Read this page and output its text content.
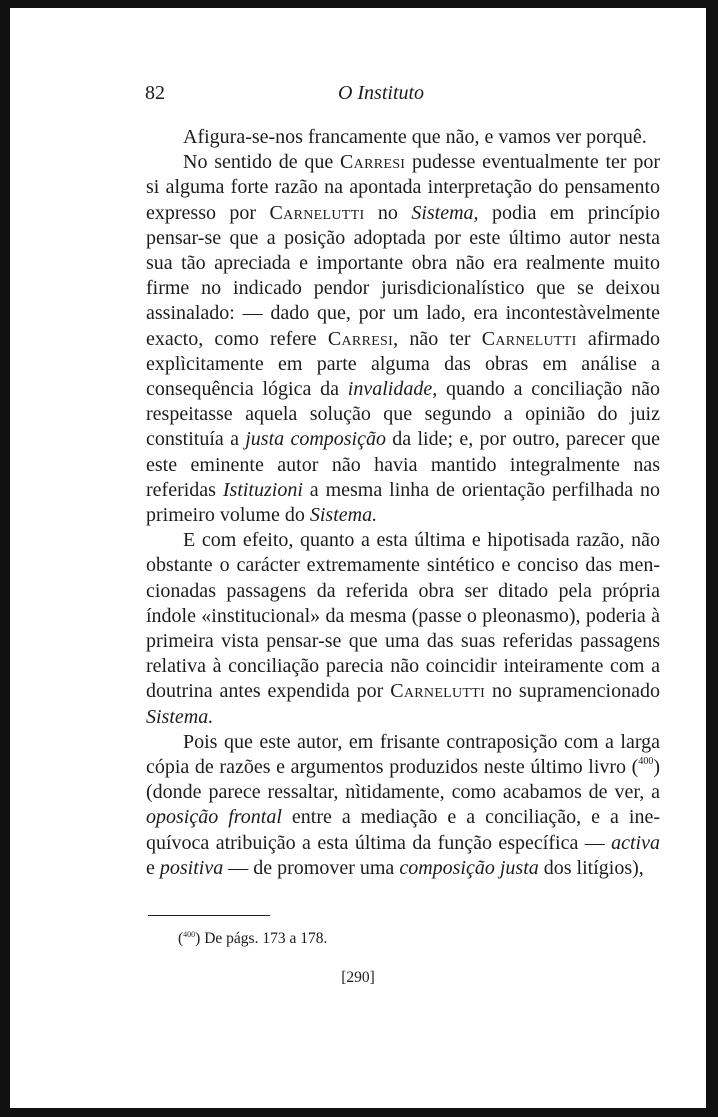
82	O Instituto

Afigura-se-nos francamente que não, e vamos ver porquê.

No sentido de que Carresi pudesse eventualmente ter por si alguma forte razão na apontada interpretação do pensamento expresso por Carnelutti no Sistema, podia em princípio pensar-se que a posição adoptada por este último autor nesta sua tão apreciada e importante obra não era realmente muito firme no indicado pendor jurisdicionalístico que se deixou assinalado: — dado que, por um lado, era incontestàvelmente exacto, como refere Carresi, não ter Carnelutti afirmado explìcitamente em parte alguma das obras em análise a consequência lógica da invalidade, quando a conciliação não respeitasse aquela solução que segundo a opinião do juiz constituía a justa composição da lide; e, por outro, parecer que este eminente autor não havia mantido integralmente nas referidas Istituzioni a mesma linha de orientação perfilhada no primeiro volume do Sistema.

E com efeito, quanto a esta última e hipotisada razão, não obstante o carácter extremamente sintético e conciso das mencionadas passagens da referida obra ser ditado pela própria índole «institucional» da mesma (passe o pleonasmo), poderia à primeira vista pensar-se que uma das suas referidas passagens relativa à conciliação parecia não coincidir inteiramente com a doutrina antes expendida por Carnelutti no supramencionado Sistema.

Pois que este autor, em frisante contraposição com a larga cópia de razões e argumentos produzidos neste último livro ($^{400}$) (donde parece ressaltar, nìtidamente, como acabamos de ver, a oposição frontal entre a mediação e a conciliação, e a inequívoca atribuição a esta última da função específica — activa e positiva — de promover uma composição justa dos litígios),

($^{400}$) De págs. 173 a 178.
[290]
